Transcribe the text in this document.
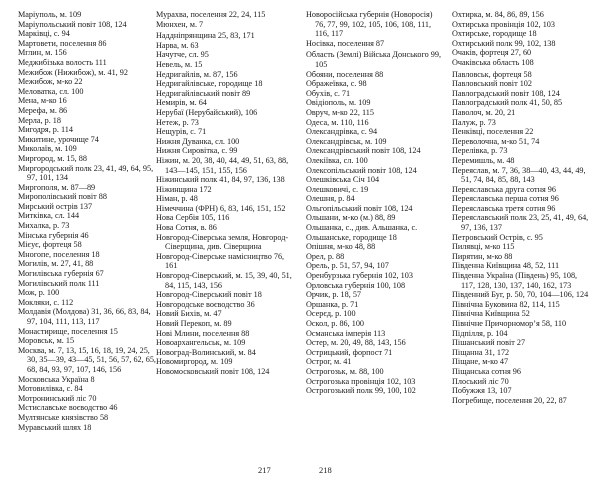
Маріуполь, м. 109
Маріупольський повіт 108, 124
Марківці, с. 94
Мартовети, поселення 86
Мглин, м. 156
Меджибізька волость 111
Межибож (Нижибож), м. 41, 92
Межибож, м-ко 22
Меловатка, сл. 100
Мена, м-ко 16
Мерефа, м. 86
Мерла, р. 18
Мигодря, р. 114
Микитине, урочище 74
Миколаїв, м. 109
Миргород, м. 15, 88
Миргородський полк 23, 41, 49, 64, 95, 97, 101, 134
Миргополя, м. 87—89
Мирополівський повіт 88
Мирський острів 137
Митківка, сл. 144
Михалка, р. 73
Мінська губернія 46
Мієує, фортеця 58
Многопе, поселення 18
Могилів, м. 27, 41, 88
Могилівська губернія 67
Могилівський полк 111
Мож, р. 100
Мокляки, с. 112
Молдавія (Молдова) 31, 36, 66, 83, 84, 97, 104, 111, 113, 117
Монастирище, поселення 15
Моровськ, м. 15
Москва, м. 7, 13, 15, 16, 18, 19, 24, 25, 30, 35—39, 43—45, 51, 56, 57, 62, 65, 68, 84, 93, 97, 107, 146, 156
Московська Україна 8
Мотовилівка, с. 84
Мотронинський ліс 70
Мстиславське воєводство 46
Мултянське князівство 58
Муравський шлях 18
Мурахва, поселення 22, 24, 115
Мюнхен, м. 7
Наддніпрянщина 25, 83, 171
Нарва, м. 63
Начутче, сл. 95
Невель, м. 15
Недригайлів, м. 87, 156
Недригайлівське, городище 18
Недригайлівський повіт 89
Немирів, м. 64
Нерубаї (Нерубайський), 106
Нетеж, р. 73
Нещурів, с. 71
Нижня Дуванка, сл. 100
Нижня Сировітка, с. 99
Ніжин, м. 20, 38, 40, 44, 49, 51, 63, 88, 143—145, 151, 155, 156
Ніжинський полк 41, 84, 97, 136, 138
Ніжинщина 172
Німан, р. 48
Німеччина (ФРН) 6, 83, 146, 151, 152
Нова Сербія 105, 116
Нова Сотня, в. 86
Новгород-Сіверська земля, Новгород-Сіверщина, див. Сіверщина
Новгород-Сіверське намісництво 76, 161
Новгород-Сіверський, м. 15, 39, 40, 51, 84, 115, 143, 156
Новгород-Сіверський повіт 18
Новгородське воєводство 36
Новий Бихів, м. 47
Новий Перекоп, м. 89
Нові Млини, поселення 88
Новоархангельськ, м. 109
Новоград-Волинський, м. 84
Новомиргород, м. 109
Новомосковський повіт 108, 124
217
Новоросійська губернія (Новоросія) 76, 77, 99, 102, 105, 106, 108, 111, 116, 117
Носівка, поселення 87
Область (Землі) Війська Донського 99, 105
Обояни, поселення 88
Ображеївка, с. 98
Обухів, с. 71
Овідіополь, м. 109
Овруч, м-ко 22, 115
Одеса, м. 110, 116
Олександрівка, с. 94
Олександрівськ, м. 109
Олександрівський повіт 108, 124
Олекіївка, сл. 100
Олексопільський повіт 108, 124
Олешківська Січ 104
Олешковичі, с. 19
Олешня, р. 84
Ольгопільський повіт 108, 124
Ольшани, м-ко (м.) 88, 89
Ольшанка, с., див. Альшанка, с.
Ольшанське, городище 18
Опішня, м-ко 48, 88
Орел, р. 88
Орель, р. 51, 57, 94, 107
Оренбурзька губернія 102, 103
Орловська губернія 100, 108
Орчик, р. 18, 57
Оршанка, р. 71
Осерєд, р. 100
Оскол, р. 86, 100
Османська імперія 113
Остер, м. 20, 49, 88, 143, 156
Острицький, форпост 71
Острог, м. 41
Острогозьк, м. 88, 100
Острогозька провінція 102, 103
Острогозький полк 99, 100, 102
Охтирка, м. 84, 86, 89, 156
Охтирська провінція 102, 103
Охтирське, городище 18
Охтирський полк 99, 102, 138
Очаків, фортеця 27, 60
Очаківська область 108
Павловськ, фортеця 58
Павловський повіт 102
Павлоградський повіт 108, 124
Павлоградський полк 41, 50, 85
Паволоч, м. 20, 21
Палуж, р. 73
Пенківці, поселення 22
Переволочна, м-ко 51, 74
Перелівка, р. 73
Перемишль, м. 48
Переяслав, м. 7, 36, 38—40, 43, 44, 49, 51, 74, 84, 85, 88, 143
Переяславська друга сотня 96
Переяславська перша сотня 96
Переяславська третя сотня 96
Переяславський полк 23, 25, 41, 49, 64, 97, 136, 137
Петровський Острів, с. 95
Пилявці, м-ко 115
Пирятин, м-ко 88
Південна Київщина 48, 52, 111
Південна Україна (Південь) 95, 108, 117, 128, 130, 137, 140, 162, 173
Південний Буг, р. 50, 70, 104—106, 124
Північна Буковина 82, 114, 115
Північна Київщина 52
Північне Причорномор’я 58, 110
Підпілля, р. 104
Пішанський повіт 27
Піщанна 31, 172
Піщане, м-ко 47
Піщанська сотня 96
Плоський ліс 70
Побужжя 13, 107
Погребище, поселення 20, 22, 87
218
